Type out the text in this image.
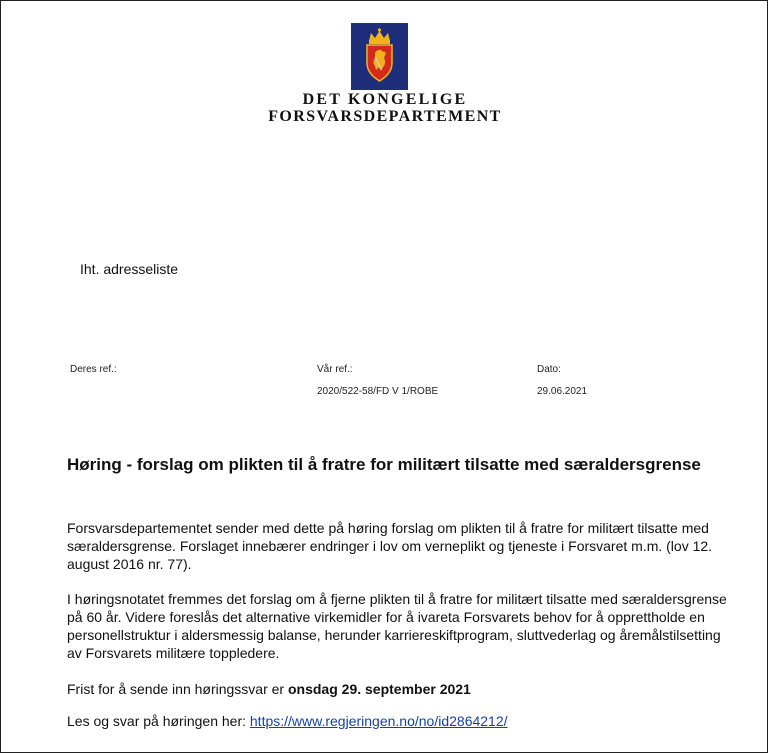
DET KONGELIGE
FORSVARSDEPARTEMENT
Iht. adresseliste
Deres ref.:	Vår ref.:
2020/522-58/FD V 1/ROBE
Dato:
29.06.2021
Høring - forslag om plikten til å fratre for militært tilsatte med særaldersgrense
Forsvarsdepartementet sender med dette på høring forslag om plikten til å fratre for militært tilsatte med særaldersgrense. Forslaget innebærer endringer i lov om verneplikt og tjeneste i Forsvaret m.m. (lov 12. august 2016 nr. 77).
I høringsnotatet fremmes det forslag om å fjerne plikten til å fratre for militært tilsatte med særaldersgrense på 60 år. Videre foreslås det alternative virkemidler for å ivareta Forsvarets behov for å opprettholde en personellstruktur i aldersmessig balanse, herunder karriereskiftprogram, sluttvederlag og åremålstilsetting av Forsvarets militære toppledere.
Frist for å sende inn høringssvar er onsdag 29. september 2021
Les og svar på høringen her: https://www.regjeringen.no/no/id2864212/
